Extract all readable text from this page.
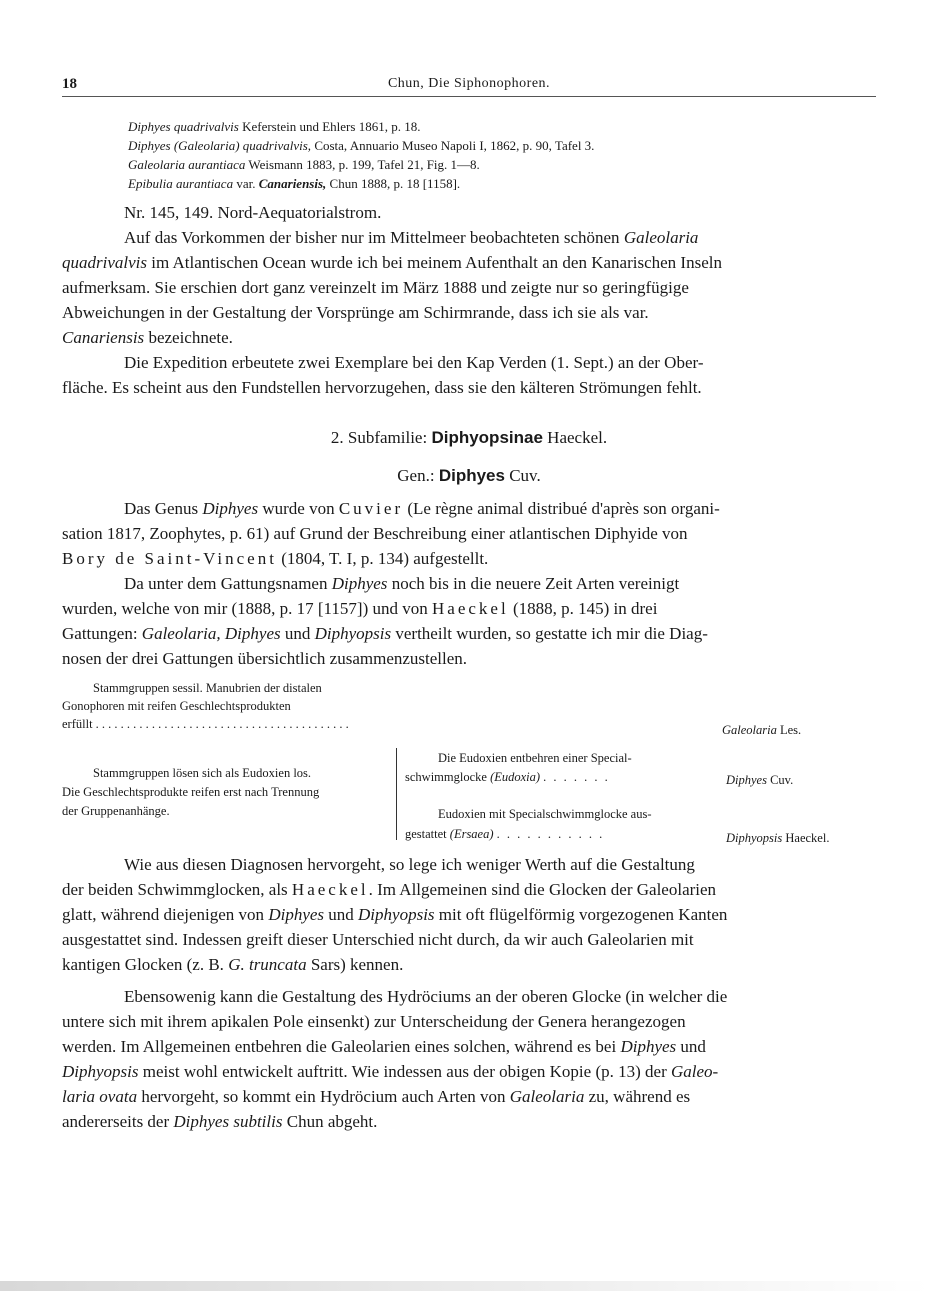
18	Chun, Die Siphonophoren.
Diphyes quadrivalvis Keferstein und Ehlers 1861, p. 18.
Diphyes (Galeolaria) quadrivalvis, Costa, Annuario Museo Napoli I, 1862, p. 90, Tafel 3.
Galeolaria aurantiaca Weismann 1883, p. 199, Tafel 21, Fig. 1—8.
Epibulia aurantiaca var. Canariensis, Chun 1888, p. 18 [1158].
Nr. 145, 149. Nord-Aequatorialstrom.
Auf das Vorkommen der bisher nur im Mittelmeer beobachteten schönen Galeolaria
quadrivalvis im Atlantischen Ocean wurde ich bei meinem Aufenthalt an den Kanarischen Inseln
aufmerksam. Sie erschien dort ganz vereinzelt im März 1888 und zeigte nur so geringfügige
Abweichungen in der Gestaltung der Vorsprünge am Schirmrande, dass ich sie als var.
Canariensis bezeichnete.
Die Expedition erbeutete zwei Exemplare bei den Kap Verden (1. Sept.) an der Ober-
fläche. Es scheint aus den Fundstellen hervorzugehen, dass sie den kälteren Strömungen fehlt.
2. Subfamilie: Diphyopsinae Haeckel.
Gen.: Diphyes Cuv.
Das Genus Diphyes wurde von Cuvier (Le règne animal distribué d'après son organi-
sation 1817, Zoophytes, p. 61) auf Grund der Beschreibung einer atlantischen Diphyide von
Bory de Saint-Vincent (1804, T. I, p. 134) aufgestellt.
Da unter dem Gattungsnamen Diphyes noch bis in die neuere Zeit Arten vereinigt
wurden, welche von mir (1888, p. 17 [1157]) und von Haeckel (1888, p. 145) in drei
Gattungen: Galeolaria, Diphyes und Diphyopsis vertheilt wurden, so gestatte ich mir die Diag-
nosen der drei Gattungen übersichtlich zusammenzustellen.
Stammgruppen sessil. Manubrien der distalen
Gonophoren mit reifen Geschlechtsprodukten
erfüllt . . . . . . . . . . . . . . . . . . . . . . . . . . . . . . . . . . . . . . . . .	Galeolaria Les.
Stammgruppen lösen sich als Eudoxien los.
Die Geschlechtsprodukte reifen erst nach Trennung
der Gruppenanhänge.
Die Eudoxien entbehren einer Special-
schwimmglocke (Eudoxia) . . . . . . .	Diphyes Cuv.
Eudoxien mit Specialschwimmglocke aus-
gestattet (Ersaea) . . . . . . . . . . .	Diphyopsis Haeckel.
Wie aus diesen Diagnosen hervorgeht, so lege ich weniger Werth auf die Gestaltung
der beiden Schwimmglocken, als Haeckel. Im Allgemeinen sind die Glocken der Galeolarien
glatt, während diejenigen von Diphyes und Diphyopsis mit oft flügelförmig vorgezogenen Kanten
ausgestattet sind. Indessen greift dieser Unterschied nicht durch, da wir auch Galeolarien mit
kantigen Glocken (z. B. G. truncata Sars) kennen.
Ebensowenig kann die Gestaltung des Hydröciums an der oberen Glocke (in welcher die
untere sich mit ihrem apikalen Pole einsenkt) zur Unterscheidung der Genera herangezogen
werden. Im Allgemeinen entbehren die Galeolarien eines solchen, während es bei Diphyes und
Diphyopsis meist wohl entwickelt auftritt. Wie indessen aus der obigen Kopie (p. 13) der Galeo-
laria ovata hervorgeht, so kommt ein Hydröcium auch Arten von Galeolaria zu, während es
andererseits der Diphyes subtilis Chun abgeht.
